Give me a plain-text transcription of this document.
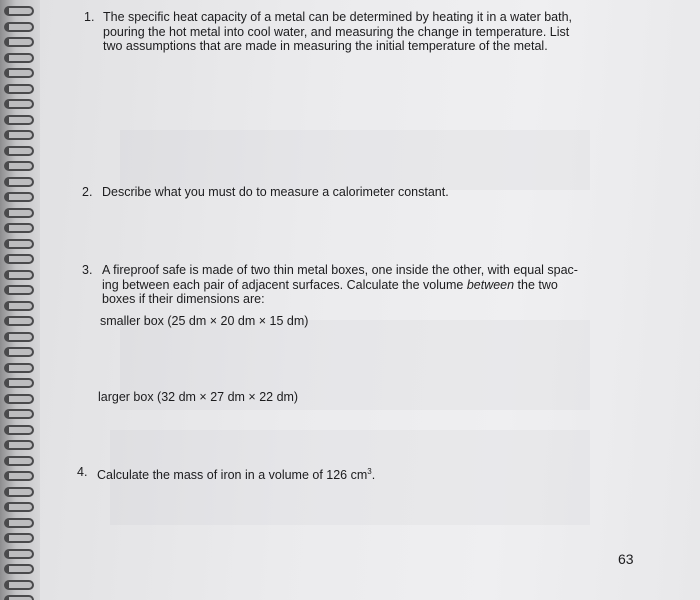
1. The specific heat capacity of a metal can be determined by heating it in a water bath,
pouring the hot metal into cool water, and measuring the change in temperature. List
two assumptions that are made in measuring the initial temperature of the metal.
2. Describe what you must do to measure a calorimeter constant.
3. A fireproof safe is made of two thin metal boxes, one inside the other, with equal spac-
ing between each pair of adjacent surfaces. Calculate the volume between the two
boxes if their dimensions are:
smaller box (25 dm × 20 dm × 15 dm)
larger box (32 dm × 27 dm × 22 dm)
4. Calculate the mass of iron in a volume of 126 $cm^3$.
63
